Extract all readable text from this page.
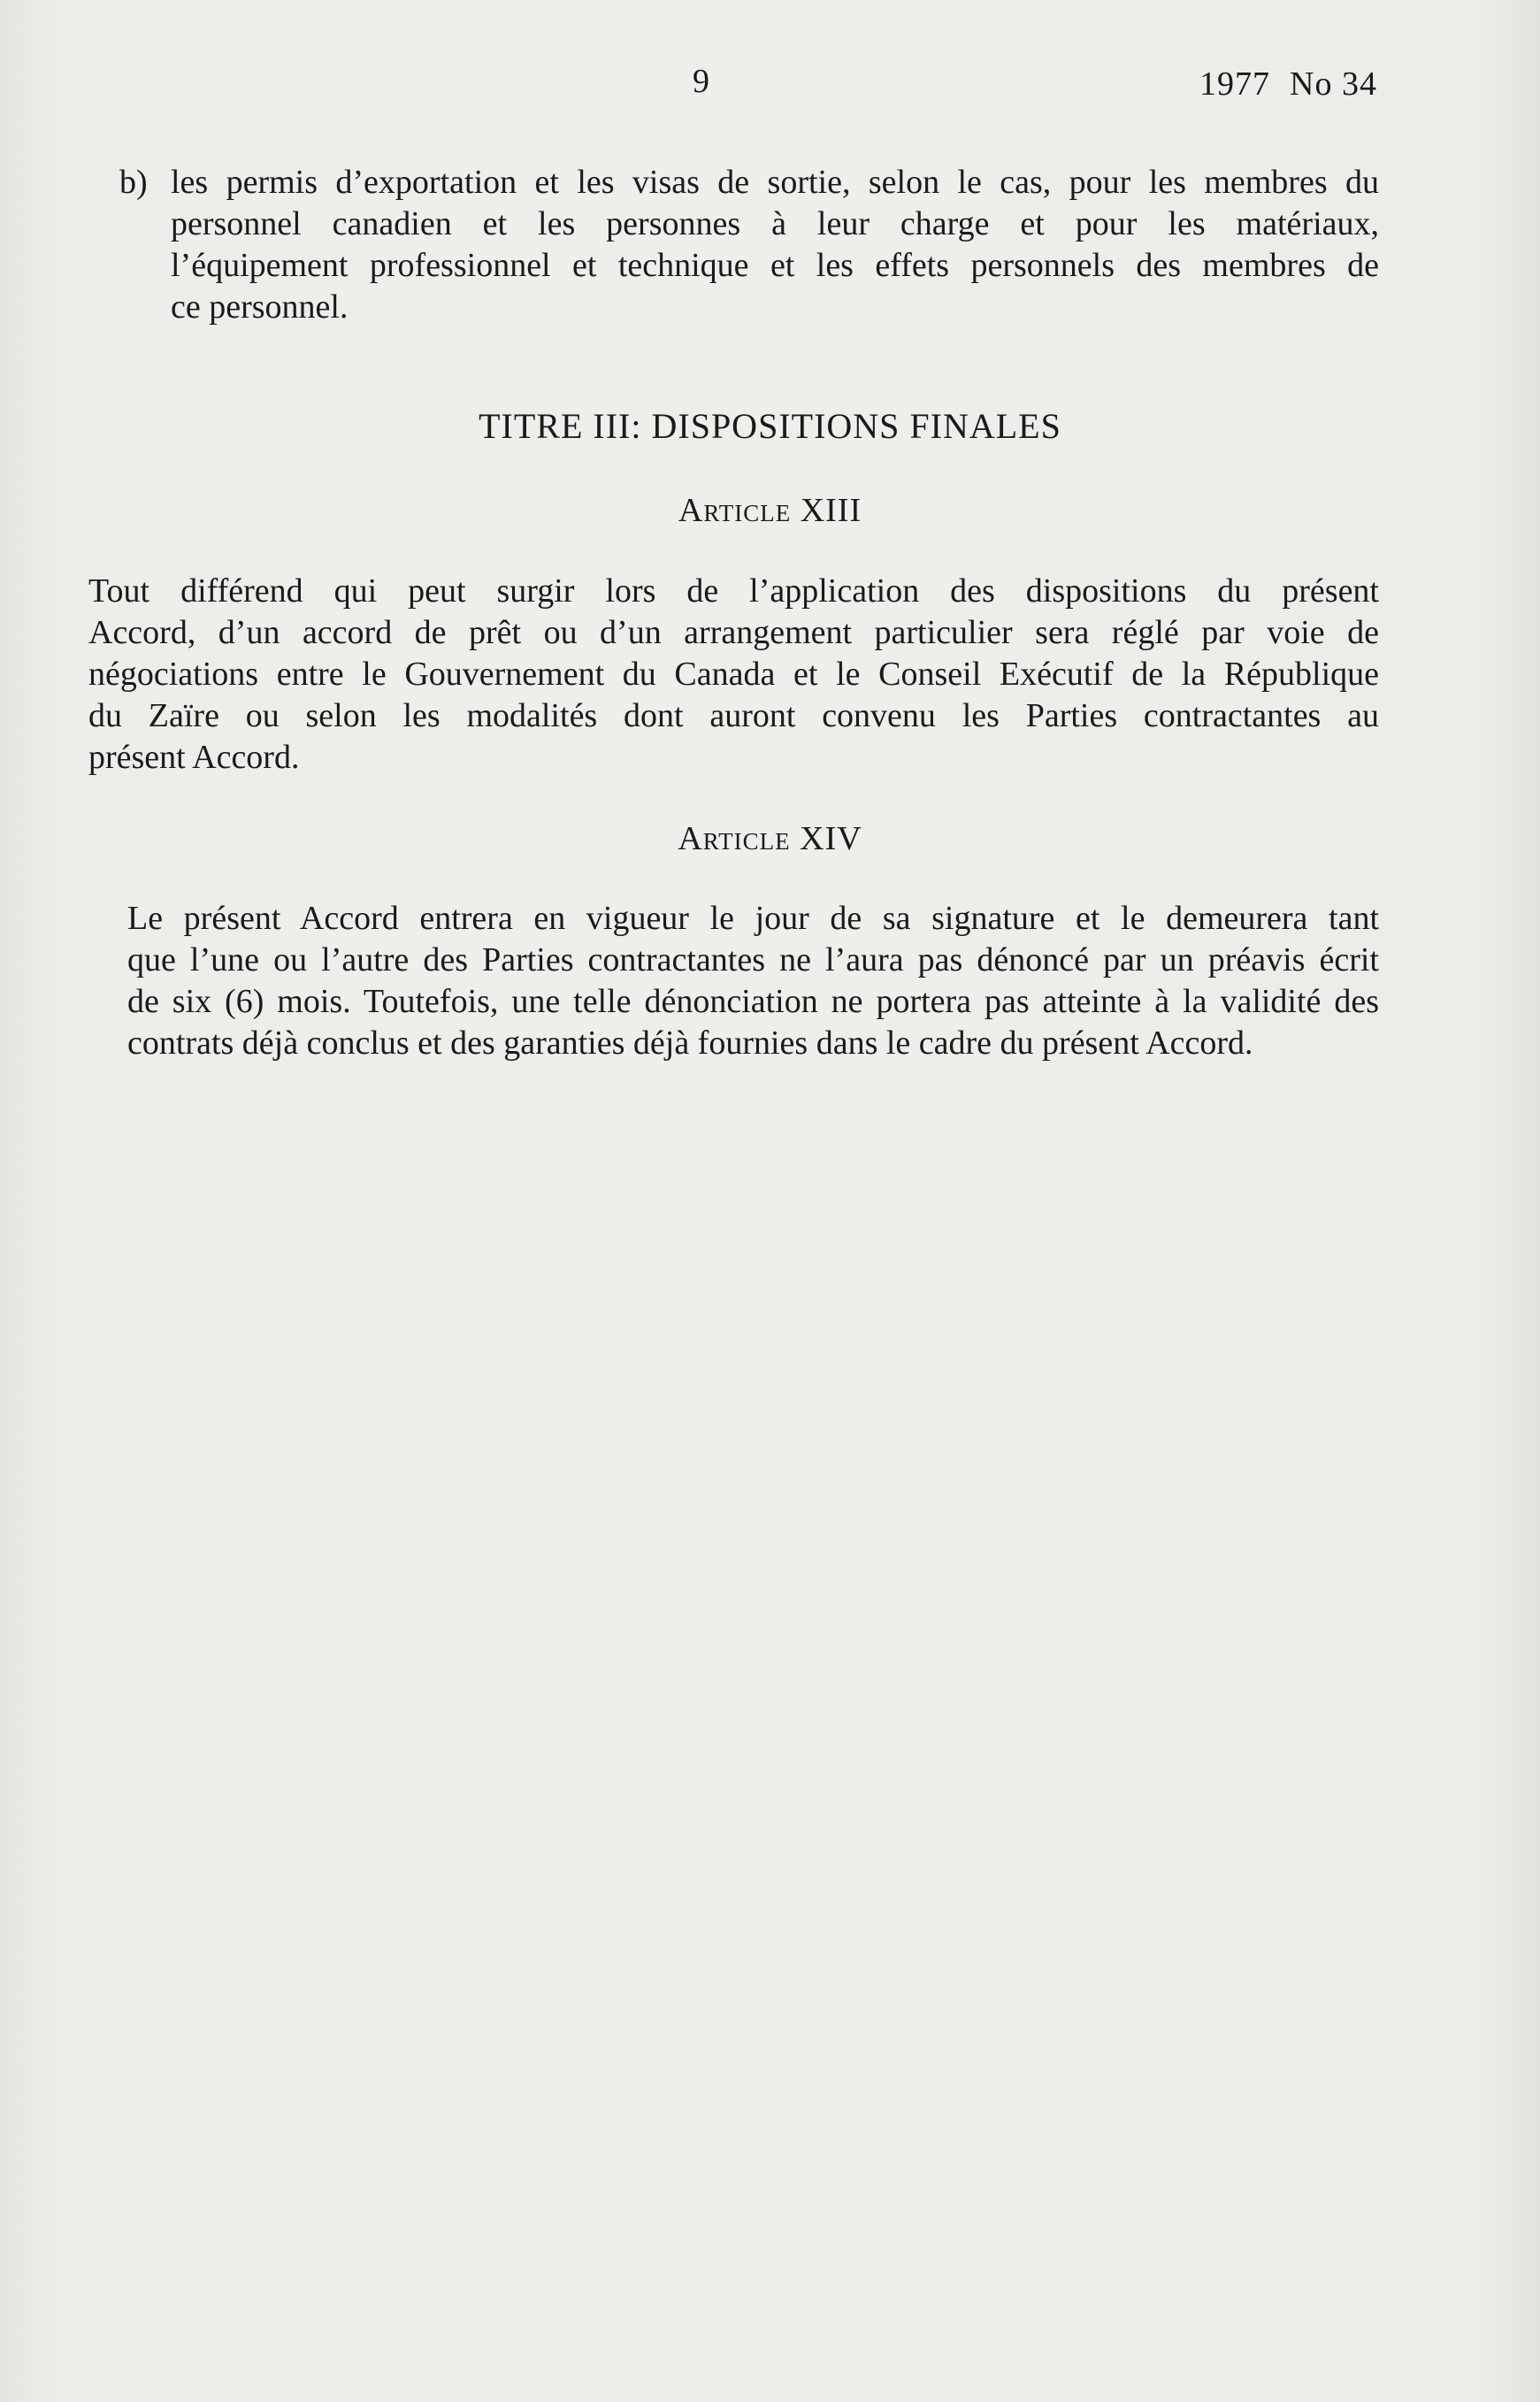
9	1977 No 34
b) les permis d’exportation et les visas de sortie, selon le cas, pour les membres du
personnel canadien et les personnes à leur charge et pour les matériaux,
l’équipement professionnel et technique et les effets personnels des membres de
ce personnel.
TITRE III: DISPOSITIONS FINALES
Article XIII
Tout différend qui peut surgir lors de l’application des dispositions du présent
Accord, d’un accord de prêt ou d’un arrangement particulier sera réglé par voie de
négociations entre le Gouvernement du Canada et le Conseil Exécutif de la République
du Zaïre ou selon les modalités dont auront convenu les Parties contractantes au
présent Accord.
Article XIV
Le présent Accord entrera en vigueur le jour de sa signature et le demeurera tant
que l’une ou l’autre des Parties contractantes ne l’aura pas dénoncé par un préavis écrit
de six (6) mois. Toutefois, une telle dénonciation ne portera pas atteinte à la validité des
contrats déjà conclus et des garanties déjà fournies dans le cadre du présent Accord.
